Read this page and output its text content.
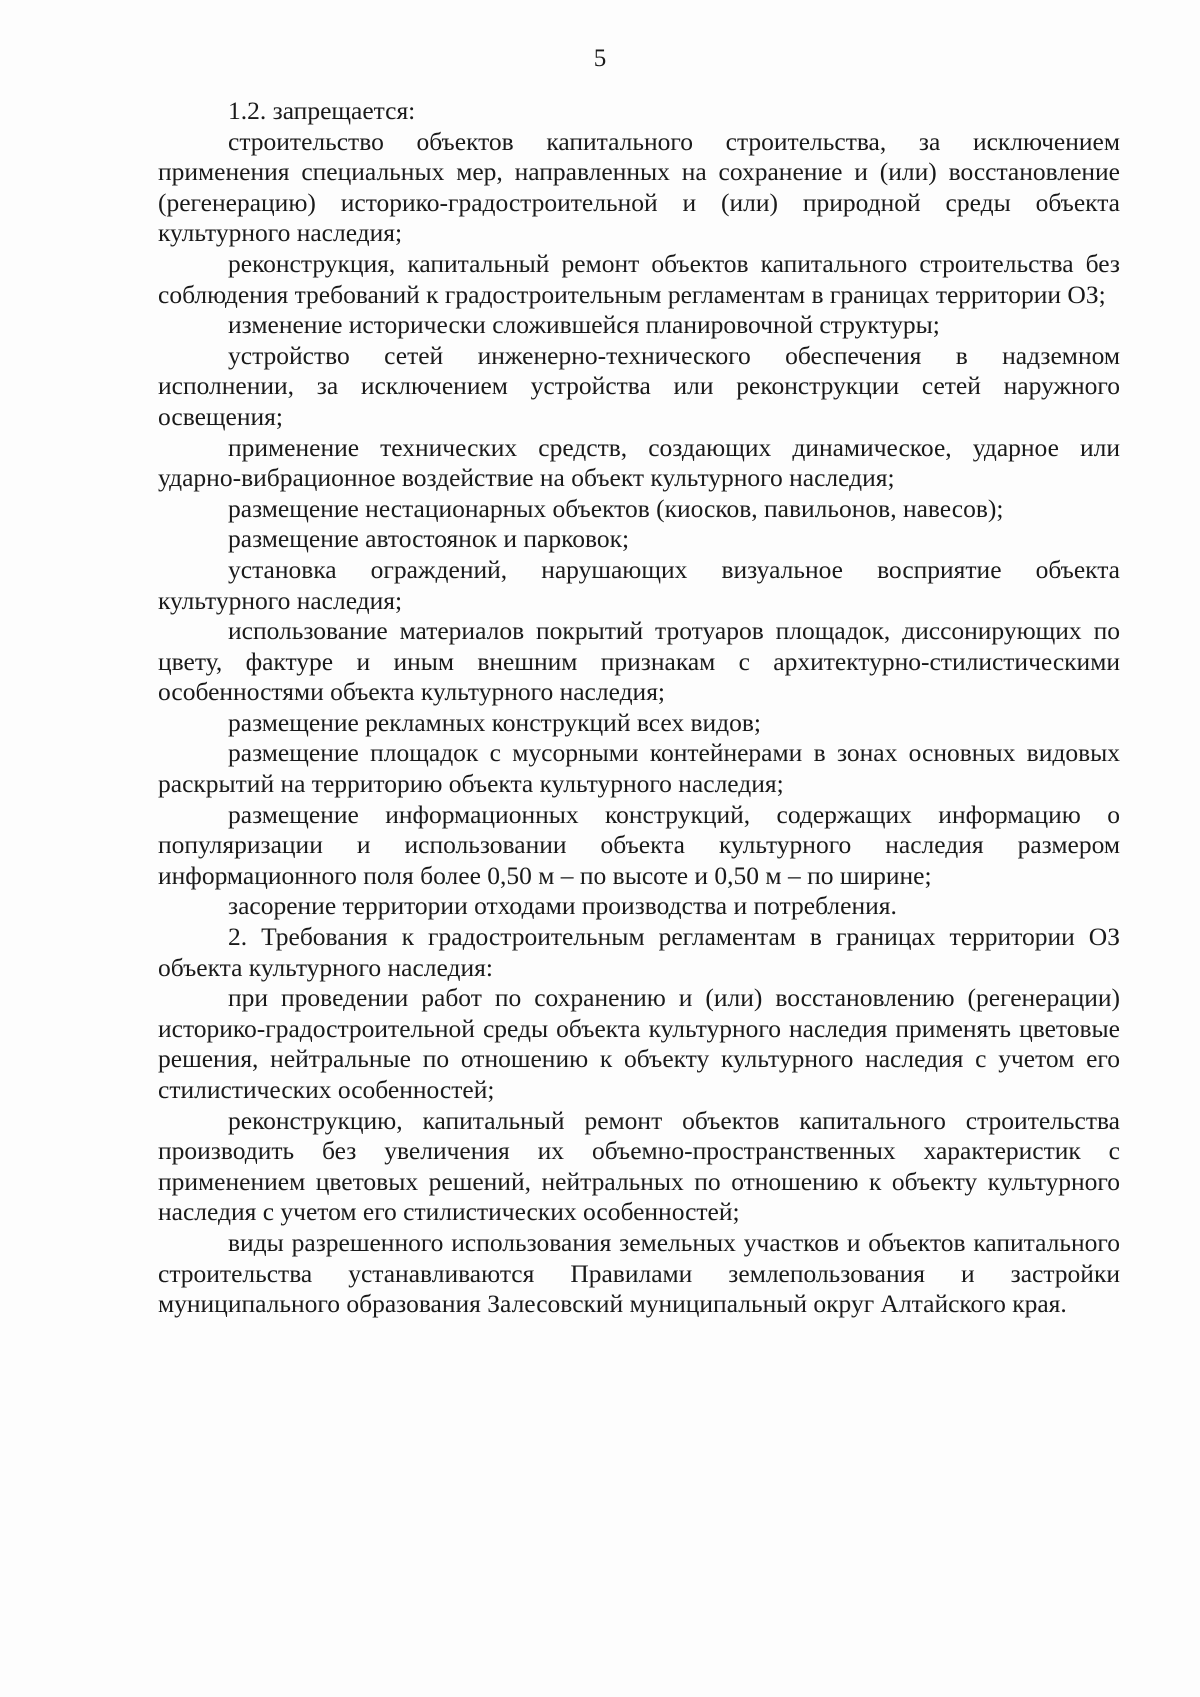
5

1.2. запрещается:

строительство объектов капитального строительства, за исключением применения специальных мер, направленных на сохранение и (или) восстановление (регенерацию) историко-градостроительной и (или) природной среды объекта культурного наследия;

реконструкция, капитальный ремонт объектов капитального строительства без соблюдения требований к градостроительным регламентам в границах территории ОЗ;

изменение исторически сложившейся планировочной структуры;

устройство сетей инженерно-технического обеспечения в надземном исполнении, за исключением устройства или реконструкции сетей наружного освещения;

применение технических средств, создающих динамическое, ударное или ударно-вибрационное воздействие на объект культурного наследия;

размещение нестационарных объектов (киосков, павильонов, навесов);

размещение автостоянок и парковок;

установка ограждений, нарушающих визуальное восприятие объекта культурного наследия;

использование материалов покрытий тротуаров площадок, диссонирующих по цвету, фактуре и иным внешним признакам с архитектурно-стилистическими особенностями объекта культурного наследия;

размещение рекламных конструкций всех видов;

размещение площадок с мусорными контейнерами в зонах основных видовых раскрытий на территорию объекта культурного наследия;

размещение информационных конструкций, содержащих информацию о популяризации и использовании объекта культурного наследия размером информационного поля более 0,50 м – по высоте и 0,50 м – по ширине;

засорение территории отходами производства и потребления.

2. Требования к градостроительным регламентам в границах территории ОЗ объекта культурного наследия:

при проведении работ по сохранению и (или) восстановлению (регенерации) историко-градостроительной среды объекта культурного наследия применять цветовые решения, нейтральные по отношению к объекту культурного наследия с учетом его стилистических особенностей;

реконструкцию, капитальный ремонт объектов капитального строительства производить без увеличения их объемно-пространственных характеристик с применением цветовых решений, нейтральных по отношению к объекту культурного наследия с учетом его стилистических особенностей;

виды разрешенного использования земельных участков и объектов капитального строительства устанавливаются Правилами землепользования и застройки муниципального образования Залесовский муниципальный округ Алтайского края.
